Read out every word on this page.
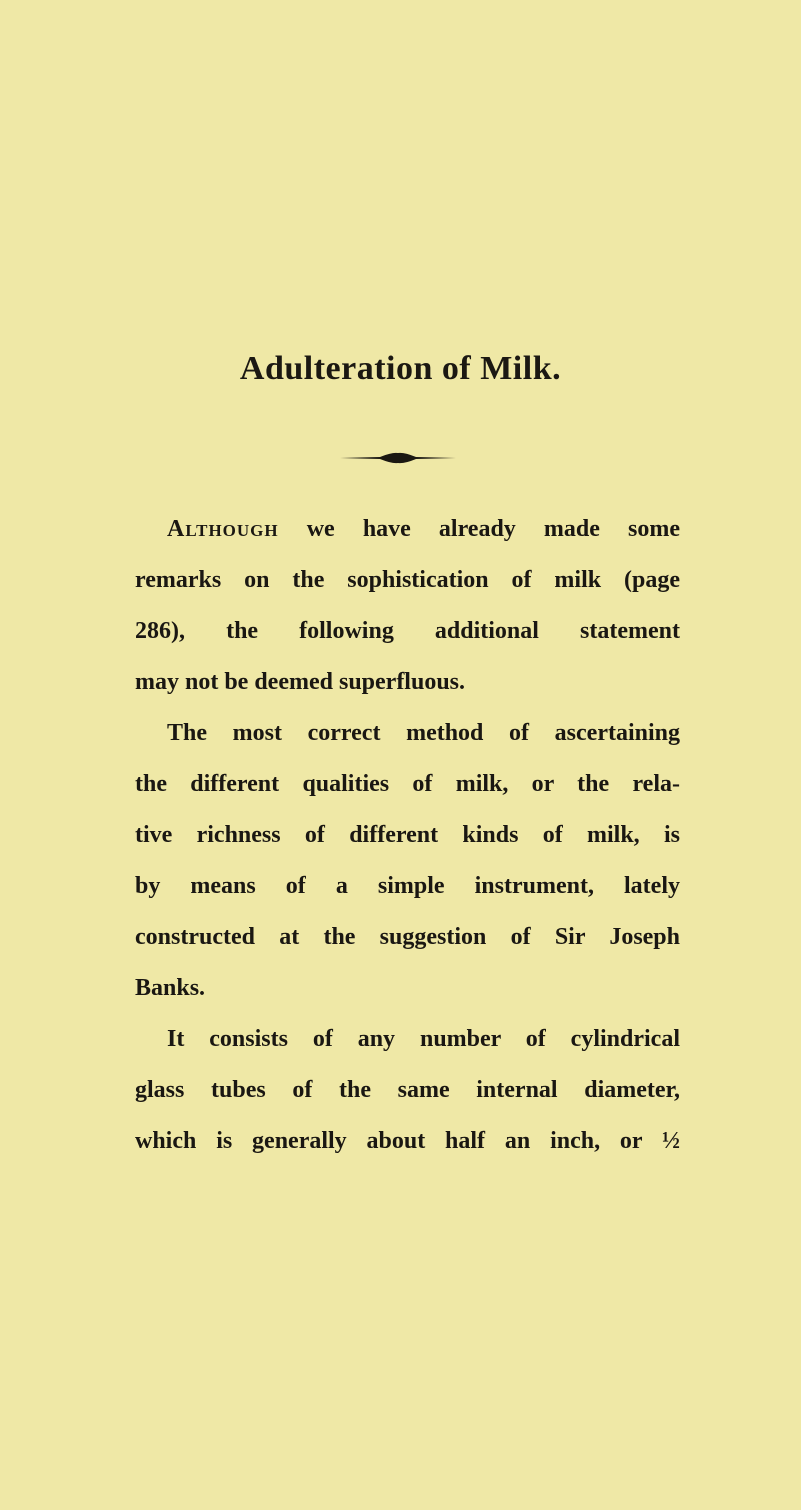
Adulteration of Milk.
Although we have already made some
remarks on the sophistication of milk (page
286), the following additional statement
may not be deemed superfluous.
The most correct method of ascertaining
the different qualities of milk, or the rela-
tive richness of different kinds of milk, is
by means of a simple instrument, lately
constructed at the suggestion of Sir Joseph
Banks.
It consists of any number of cylindrical
glass tubes of the same internal diameter,
which is generally about half an inch, or ½
